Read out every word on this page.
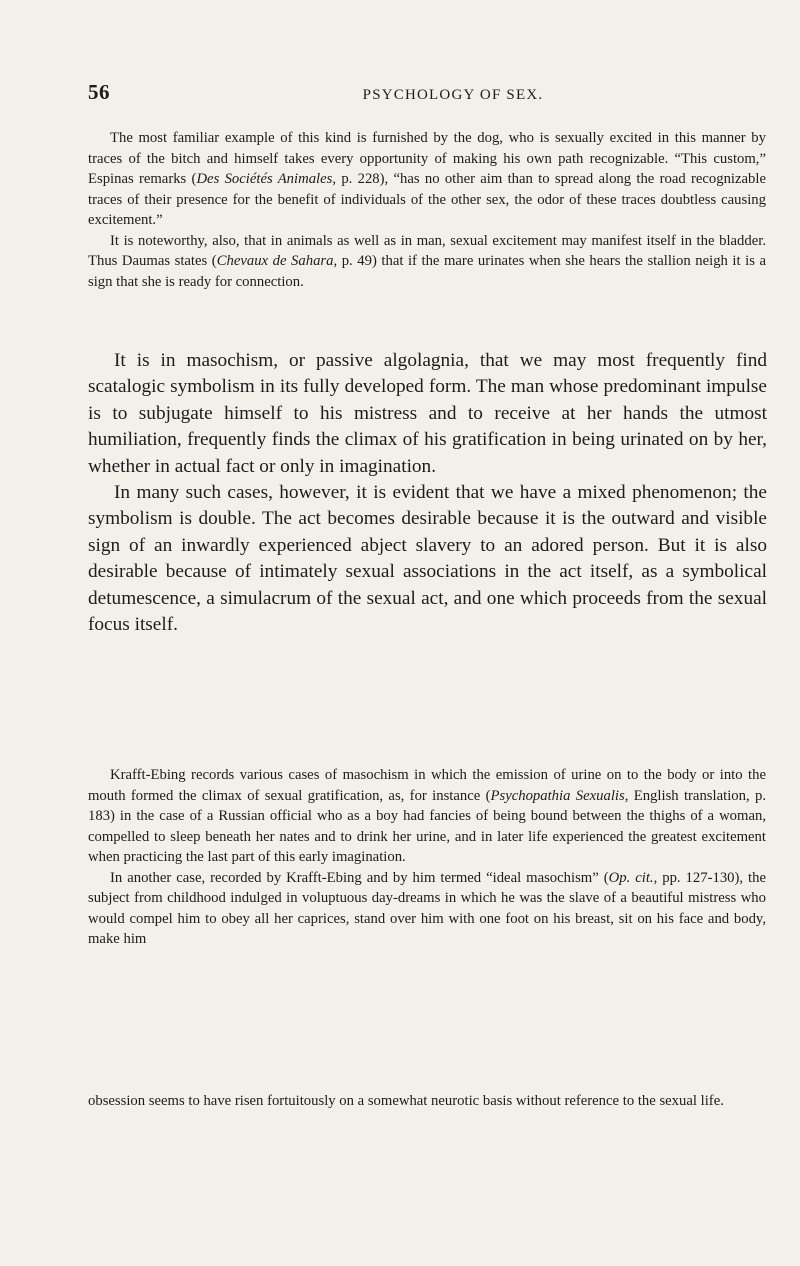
56	PSYCHOLOGY OF SEX.

The most familiar example of this kind is furnished by the dog, who is sexually excited in this manner by traces of the bitch and himself takes every opportunity of making his own path recognizable. “This custom,” Espinas remarks (Des Sociétés Animales, p. 228), “has no other aim than to spread along the road recognizable traces of their presence for the benefit of individuals of the other sex, the odor of these traces doubtless causing excitement.”

It is noteworthy, also, that in animals as well as in man, sexual excitement may manifest itself in the bladder. Thus Daumas states (Chevaux de Sahara, p. 49) that if the mare urinates when she hears the stallion neigh it is a sign that she is ready for connection.

It is in masochism, or passive algolagnia, that we may most frequently find scatalogic symbolism in its fully developed form. The man whose predominant impulse is to subjugate himself to his mistress and to receive at her hands the utmost humiliation, frequently finds the climax of his gratification in being urinated on by her, whether in actual fact or only in imagination.

In many such cases, however, it is evident that we have a mixed phenomenon; the symbolism is double. The act becomes desirable because it is the outward and visible sign of an inwardly experienced abject slavery to an adored person. But it is also desirable because of intimately sexual associations in the act itself, as a symbolical detumescence, a simulacrum of the sexual act, and one which proceeds from the sexual focus itself.

Krafft-Ebing records various cases of masochism in which the emission of urine on to the body or into the mouth formed the climax of sexual gratification, as, for instance (Psychopathia Sexualis, English translation, p. 183) in the case of a Russian official who as a boy had fancies of being bound between the thighs of a woman, compelled to sleep beneath her nates and to drink her urine, and in later life experienced the greatest excitement when practicing the last part of this early imagination.

In another case, recorded by Krafft-Ebing and by him termed “ideal masochism” (Op. cit., pp. 127-130), the subject from childhood indulged in voluptuous day-dreams in which he was the slave of a beautiful mistress who would compel him to obey all her caprices, stand over him with one foot on his breast, sit on his face and body, make him

obsession seems to have risen fortuitously on a somewhat neurotic basis without reference to the sexual life.
